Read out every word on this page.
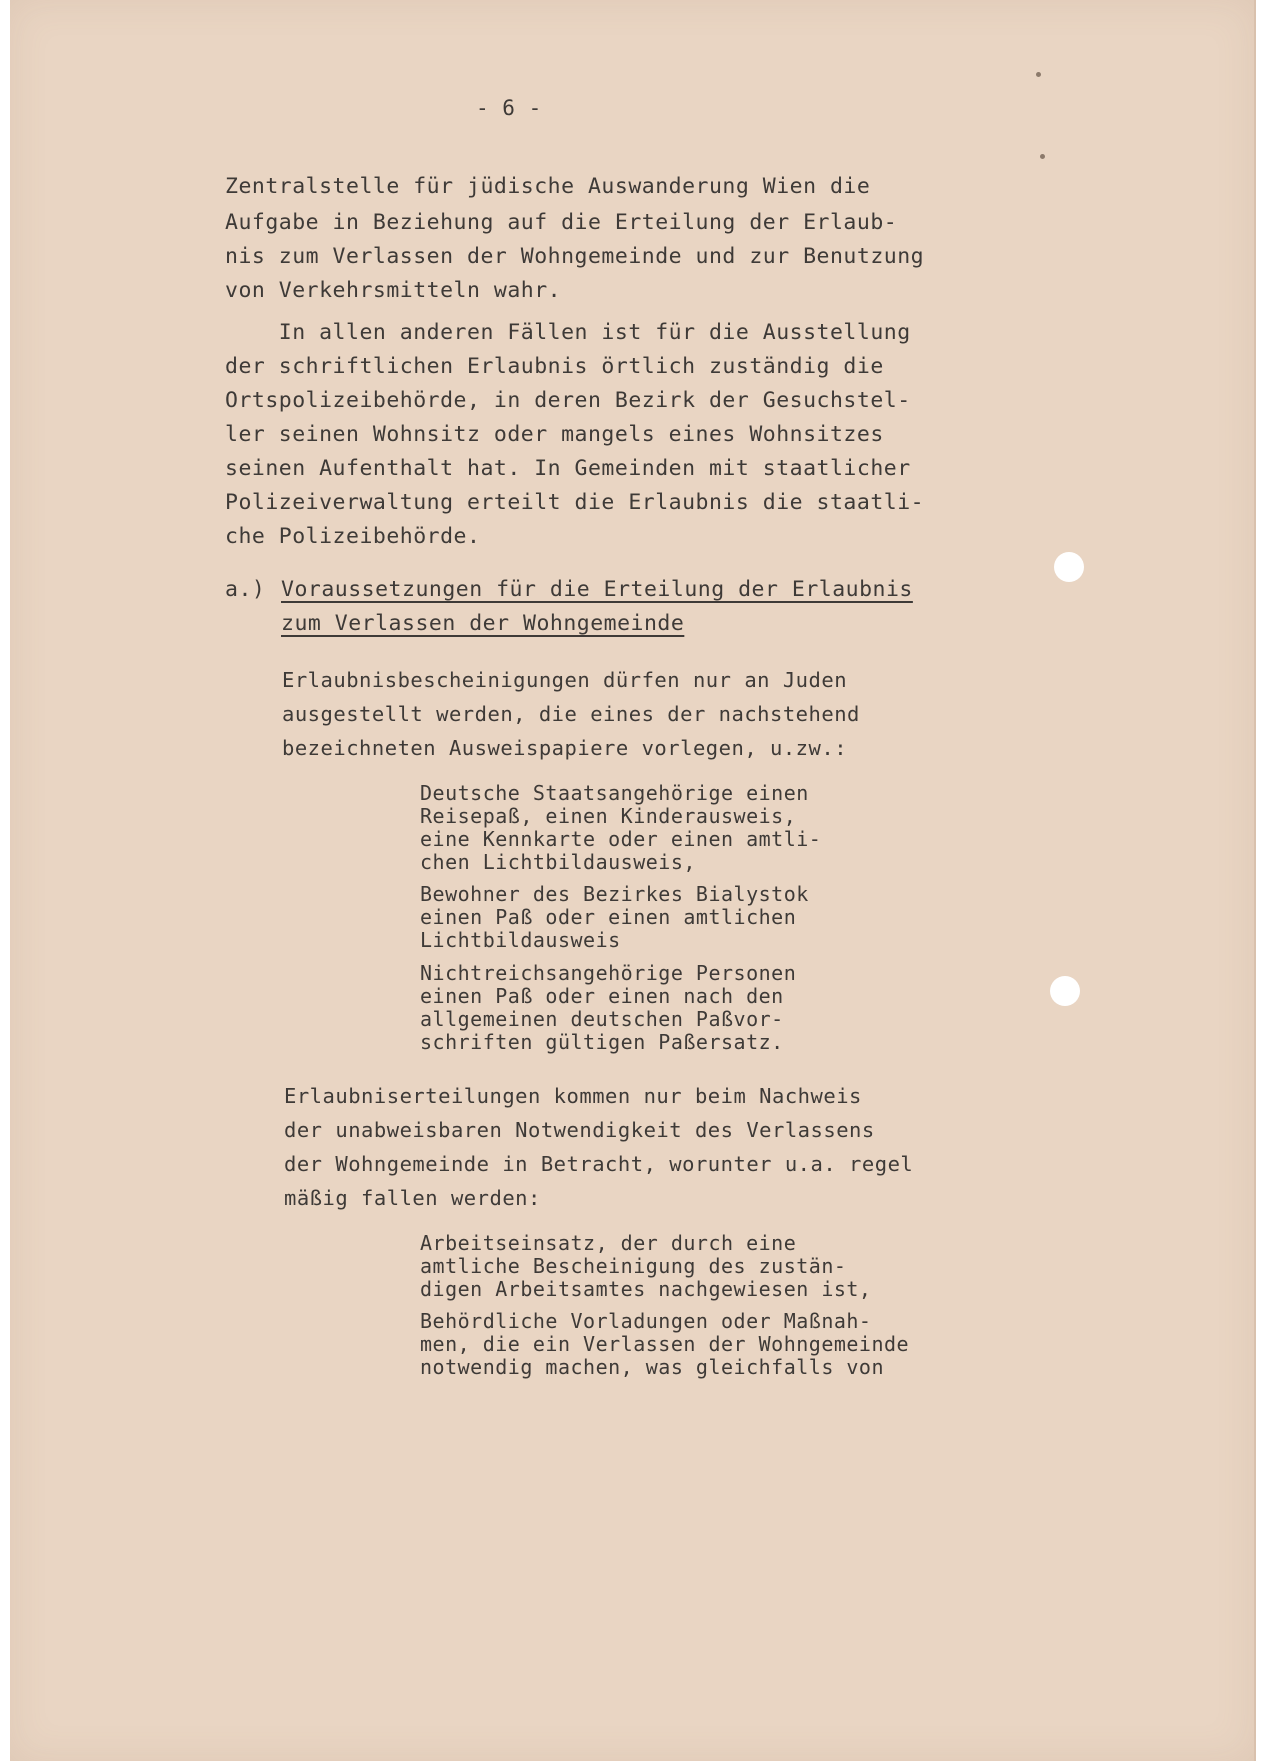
- 6 -
Zentralstelle für jüdische Auswanderung Wien die
Aufgabe in Beziehung auf die Erteilung der Erlaub-
nis zum Verlassen der Wohngemeinde und zur Benutzung
von Verkehrsmitteln wahr.
In allen anderen Fällen ist für die Ausstellung
der schriftlichen Erlaubnis örtlich zuständig die
Ortspolizeibehörde, in deren Bezirk der Gesuchstel-
ler seinen Wohnsitz oder mangels eines Wohnsitzes
seinen Aufenthalt hat. In Gemeinden mit staatlicher
Polizeiverwaltung erteilt die Erlaubnis die staatli-
che Polizeibehörde.
a.) Voraussetzungen für die Erteilung der Erlaubnis
zum Verlassen der Wohngemeinde
Erlaubnisbescheinigungen dürfen nur an Juden
ausgestellt werden, die eines der nachstehend
bezeichneten Ausweispapiere vorlegen, u.zw.:
Deutsche Staatsangehörige einen
Reisepaß, einen Kinderausweis,
eine Kennkarte oder einen amtli-
chen Lichtbildausweis,
Bewohner des Bezirkes Bialystok
einen Paß oder einen amtlichen
Lichtbildausweis
Nichtreichsangehörige Personen
einen Paß oder einen nach den
allgemeinen deutschen Paßvor-
schriften gültigen Paßersatz.
Erlaubniserteilungen kommen nur beim Nachweis
der unabweisbaren Notwendigkeit des Verlassens
der Wohngemeinde in Betracht, worunter u.a. regel
mäßig fallen werden:
Arbeitseinsatz, der durch eine
amtliche Bescheinigung des zustän-
digen Arbeitsamtes nachgewiesen ist,
Behördliche Vorladungen oder Maßnah-
men, die ein Verlassen der Wohngemeinde
notwendig machen, was gleichfalls von
